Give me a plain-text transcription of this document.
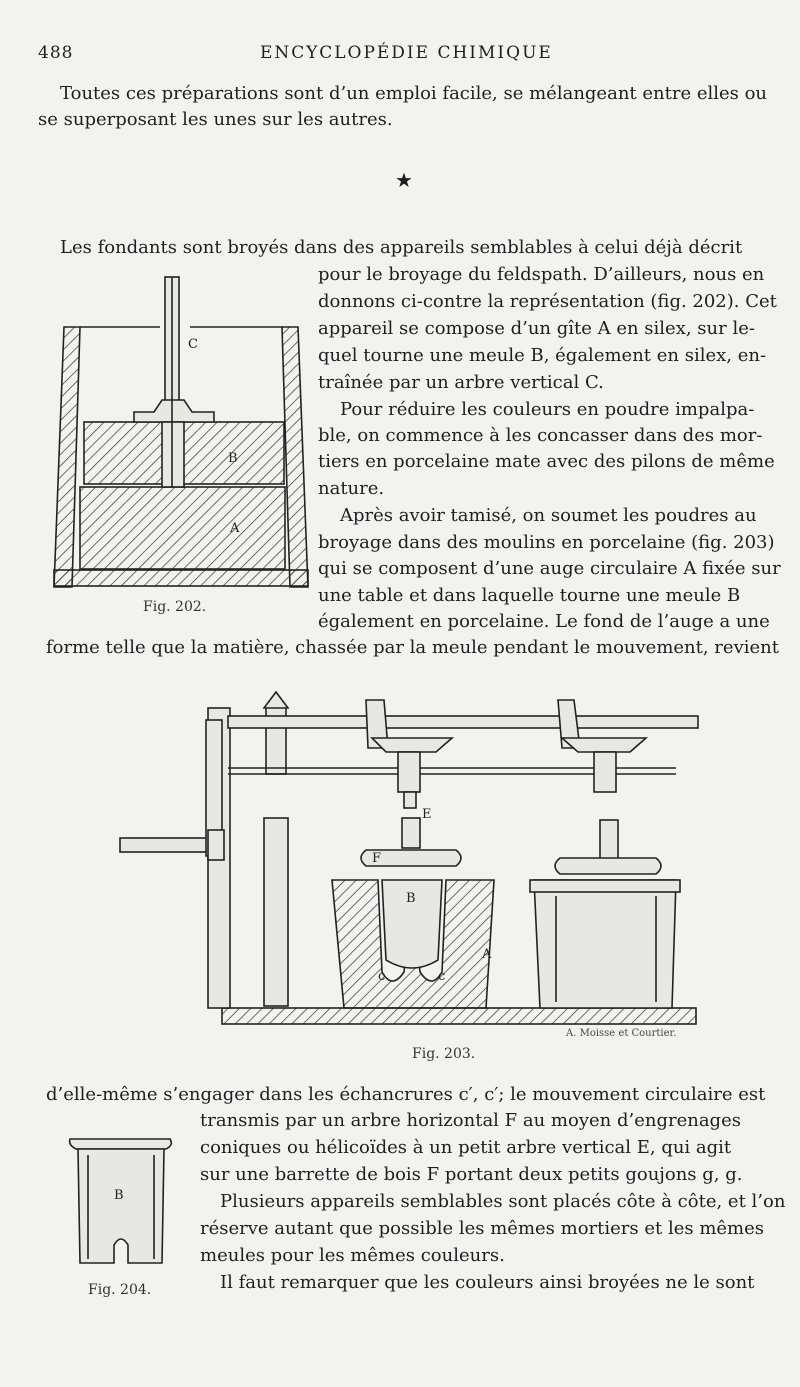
488	ENCYCLOPÉDIE CHIMIQUE
Toutes ces préparations sont d’un emploi facile, se mélangeant entre elles ou
se superposant les unes sur les autres.
★
Les fondants sont broyés dans des appareils semblables à celui déjà décrit
pour le broyage du feldspath. D’ailleurs, nous en
donnons ci-contre la représentation (fig. 202). Cet
appareil se compose d’un gîte A en silex, sur le-
quel tourne une meule B, également en silex, en-
traînée par un arbre vertical C.
Pour réduire les couleurs en poudre impalpa-
ble, on commence à les concasser dans des mor-
tiers en porcelaine mate avec des pilons de même
nature.
Après avoir tamisé, on soumet les poudres au
broyage dans des moulins en porcelaine (fig. 203)
qui se composent d’une auge circulaire A fixée sur
une table et dans laquelle tourne une meule B
également en porcelaine. Le fond de l’auge a une
forme telle que la matière, chassée par la meule pendant le mouvement, revient
C
B
A
Fig. 202.
E
F
B
A
c	c
A. Moisse et Courtier.
Fig. 203.
d’elle-même s’engager dans les échancrures c′, c′; le mouvement circulaire est
transmis par un arbre horizontal F au moyen d’engrenages
coniques ou hélicoïdes à un petit arbre vertical E, qui agit
sur une barrette de bois F portant deux petits goujons g, g.
Plusieurs appareils semblables sont placés côte à côte, et l’on
réserve autant que possible les mêmes mortiers et les mêmes
meules pour les mêmes couleurs.
Il faut remarquer que les couleurs ainsi broyées ne le sont
B
Fig. 204.
